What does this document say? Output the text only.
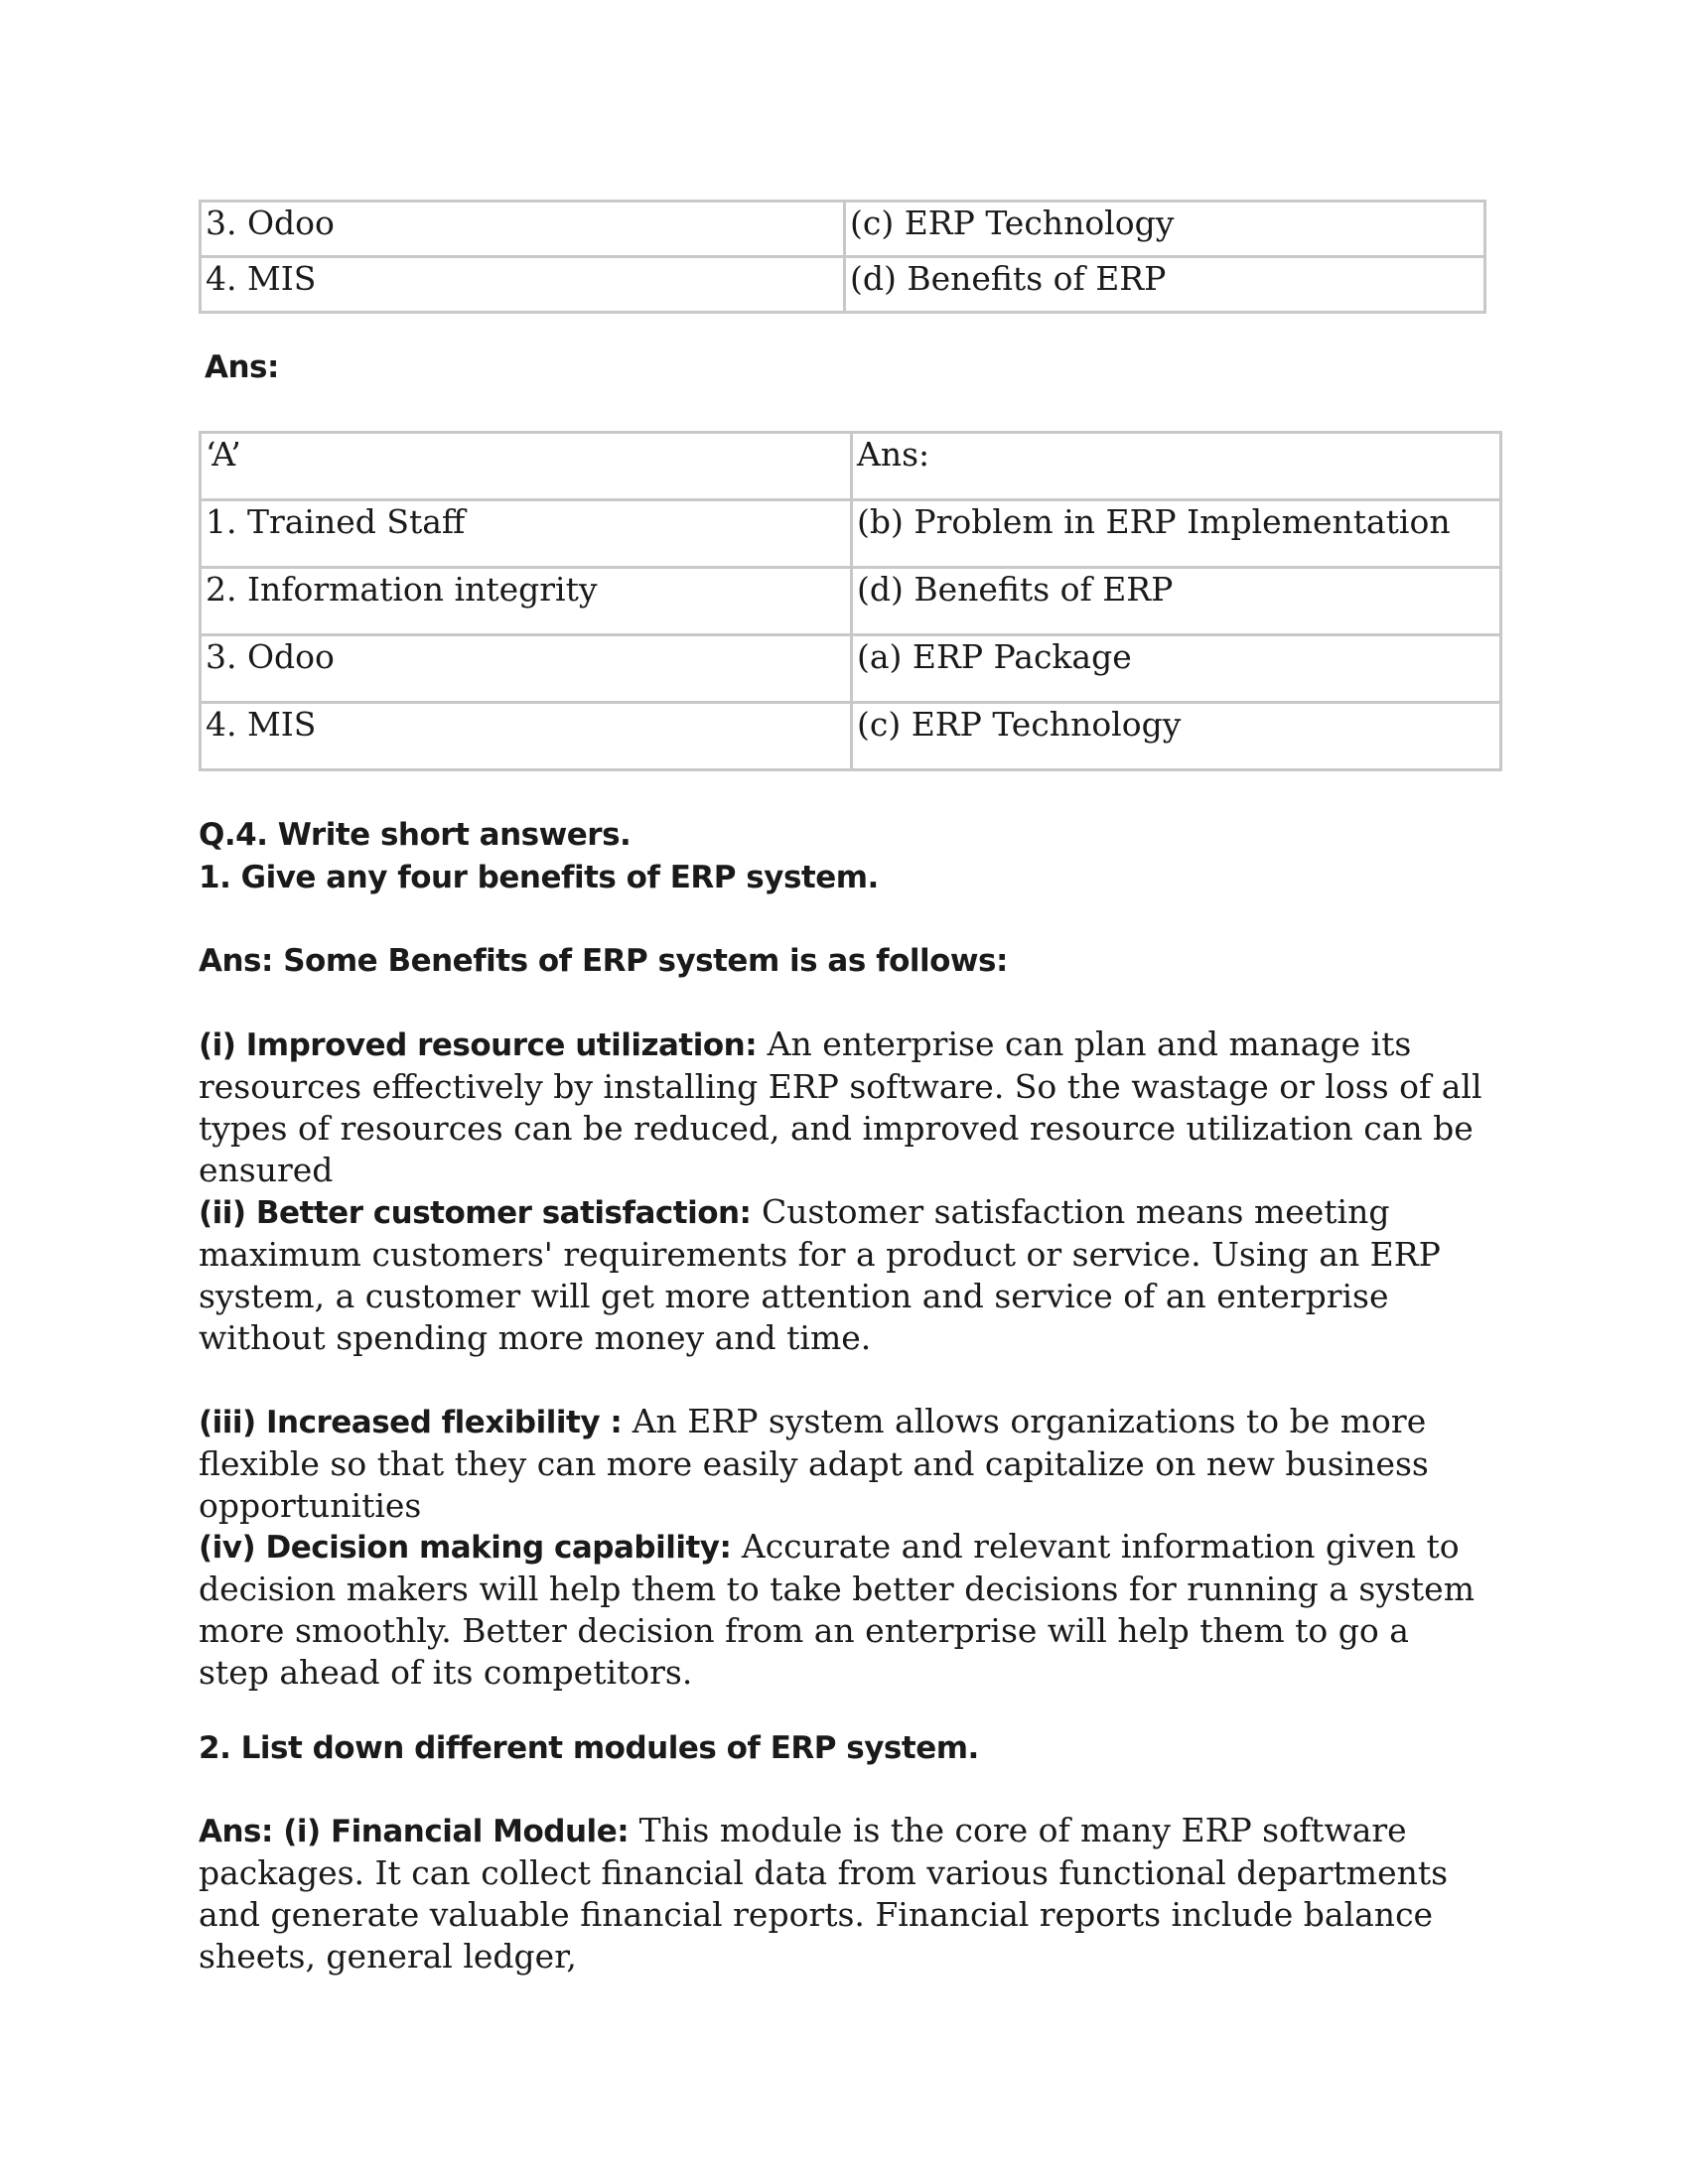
3. Odoo	(c) ERP Technology
4. MIS	(d) Benefits of ERP
Ans:
‘A’	Ans:
1. Trained Staff	(b) Problem in ERP Implementation
2. Information integrity	(d) Benefits of ERP
3. Odoo	(a) ERP Package
4. MIS	(c) ERP Technology
Q.4. Write short answers.
1. Give any four benefits of ERP system.
Ans: Some Benefits of ERP system is as follows:
(i) Improved resource utilization: An enterprise can plan and manage its resources effectively by installing ERP software. So the wastage or loss of all types of resources can be reduced, and improved resource utilization can be ensured
(ii) Better customer satisfaction: Customer satisfaction means meeting maximum customers' requirements for a product or service. Using an ERP system, a customer will get more attention and service of an enterprise without spending more money and time.
(iii) Increased flexibility : An ERP system allows organizations to be more flexible so that they can more easily adapt and capitalize on new business opportunities
(iv) Decision making capability: Accurate and relevant information given to decision makers will help them to take better decisions for running a system more smoothly. Better decision from an enterprise will help them to go a step ahead of its competitors.
2. List down different modules of ERP system.
Ans: (i) Financial Module: This module is the core of many ERP software packages. It can collect financial data from various functional departments and generate valuable financial reports. Financial reports include balance sheets, general ledger,
